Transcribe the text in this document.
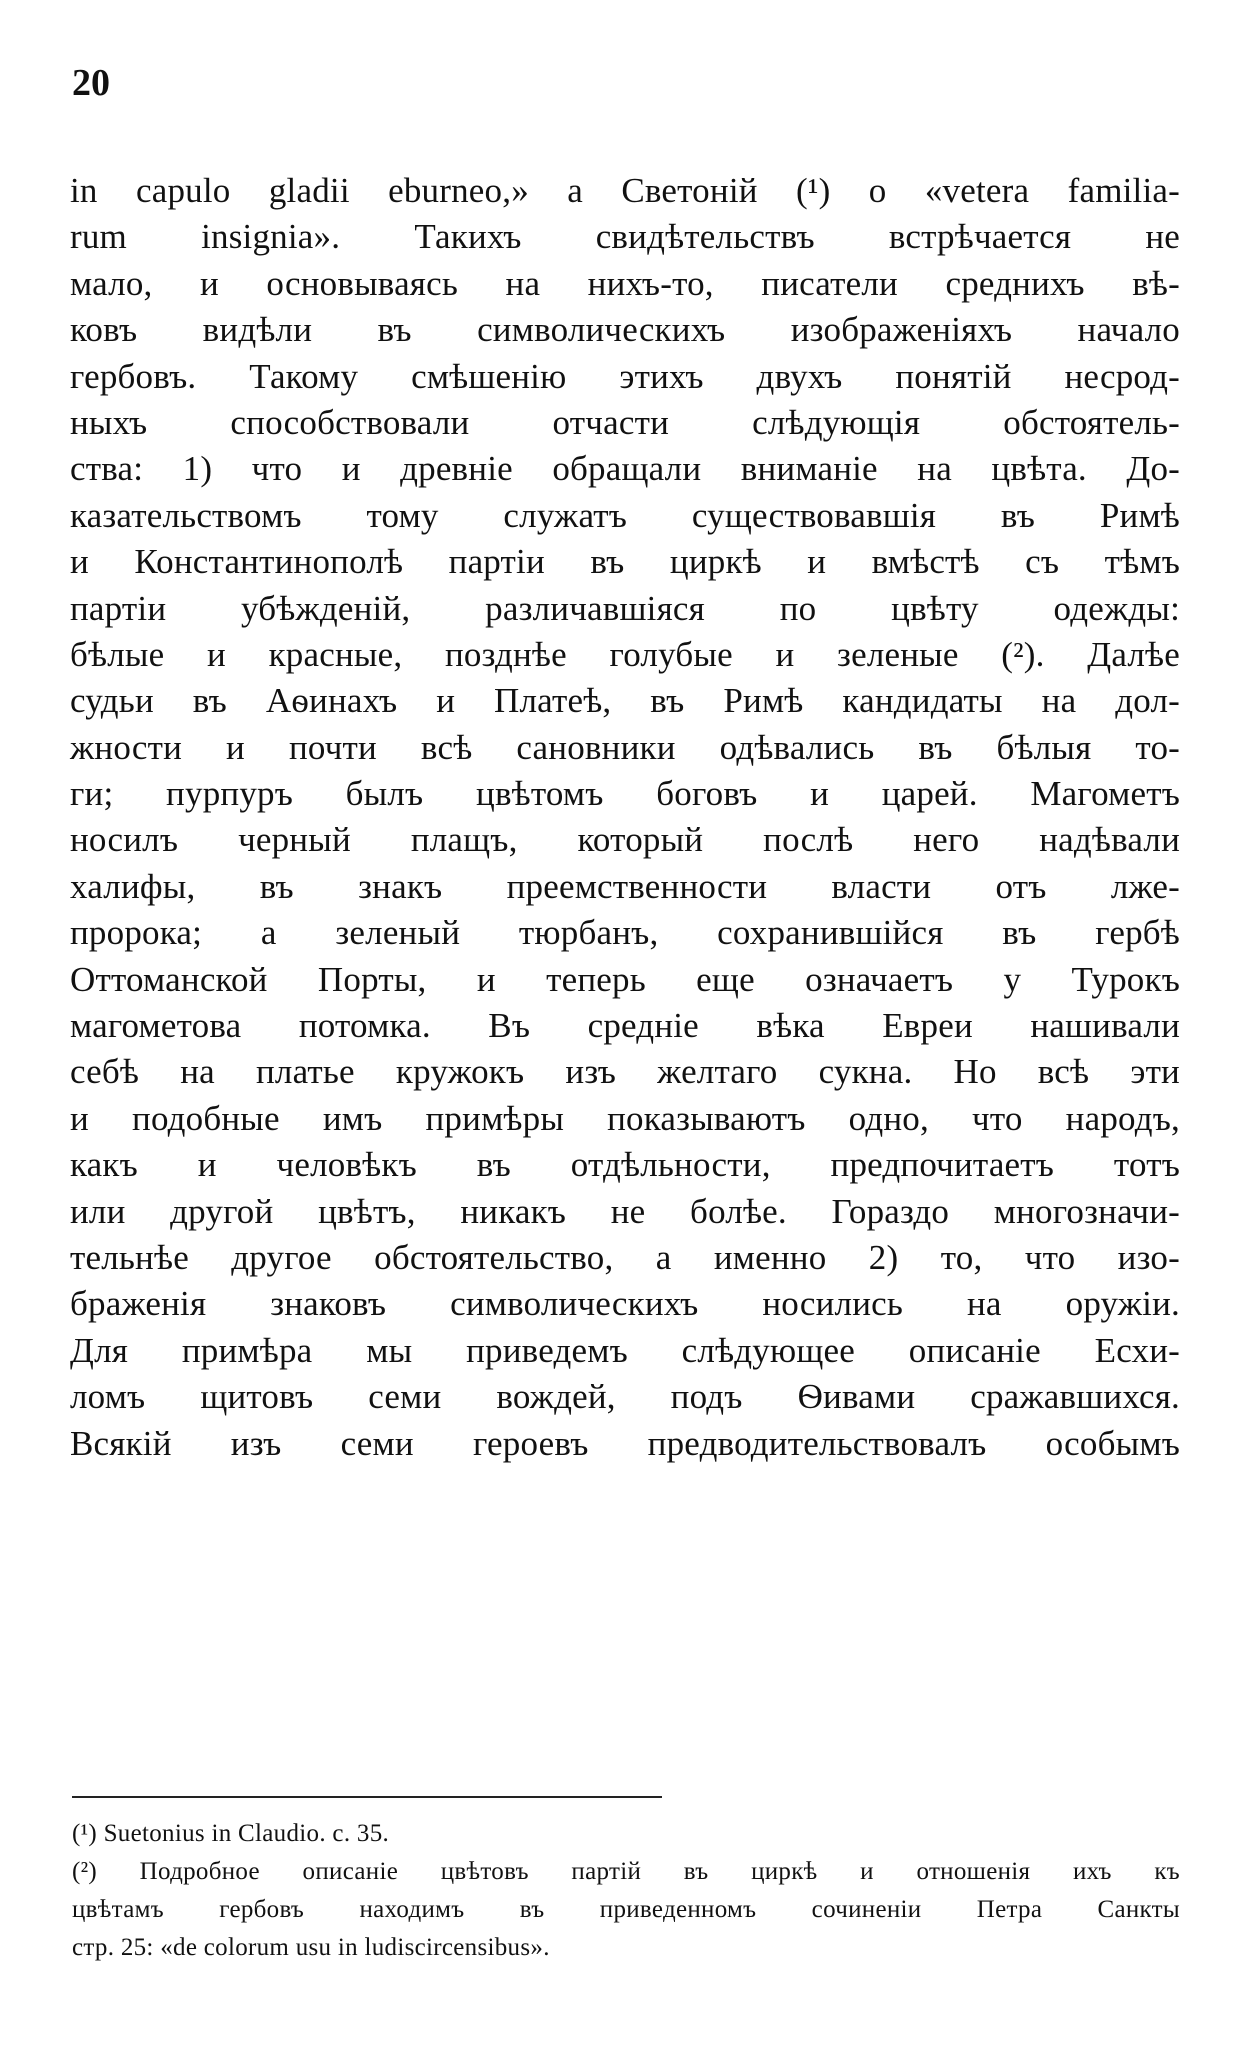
20
in capulo gladii eburneo,» а Светонiй (¹) о «vetera familia-
rum insignia». Такихъ свидѣтельствъ встрѣчается не
мало, и основываясь на нихъ-то, писатели среднихъ вѣ-
ковъ видѣли въ символическихъ изображенiяхъ начало
гербовъ. Такому смѣшенiю этихъ двухъ понятiй несрод-
ныхъ способствовали отчасти слѣдующiя обстоятель-
ства: 1) что и древнiе обращали вниманiе на цвѣта. До-
казательствомъ тому служатъ существовавшiя въ Римѣ
и Константинополѣ партiи въ циркѣ и вмѣстѣ съ тѣмъ
партiи убѣжденiй, различавшiяся по цвѣту одежды:
бѣлые и красные, позднѣе голубые и зеленые (²). Далѣе
судьи въ Аѳинахъ и Платеѣ, въ Римѣ кандидаты на дол-
жности и почти всѣ сановники одѣвались въ бѣлыя то-
ги; пурпуръ былъ цвѣтомъ боговъ и царей. Магометъ
носилъ черный плащъ, который послѣ него надѣвали
халифы, въ знакъ преемственности власти отъ лже-
пророка; а зеленый тюрбанъ, сохранившiйся въ гербѣ
Оттоманской Порты, и теперь еще означаетъ у Турокъ
магометова потомка. Въ среднiе вѣка Евреи нашивали
себѣ на платье кружокъ изъ желтаго сукна. Но всѣ эти
и подобные имъ примѣры показываютъ одно, что народъ,
какъ и человѣкъ въ отдѣльности, предпочитаетъ тотъ
или другой цвѣтъ, никакъ не болѣе. Гораздо многозначи-
тельнѣе другое обстоятельство, а именно 2) то, что изо-
браженiя знаковъ символическихъ носились на оружiи.
Для примѣра мы приведемъ слѣдующее описанiе Есхи-
ломъ щитовъ семи вождей, подъ Ѳивами сражавшихся.
Всякiй изъ семи героевъ предводительствовалъ особымъ
(¹) Suetonius in Claudio. c. 35.
(²) Подробное описанiе цвѣтовъ партiй въ циркѣ и отношенiя ихъ къ
цвѣтамъ гербовъ находимъ въ приведенномъ сочиненiи Петра Санкты
стр. 25: «de colorum usu in ludiscircensibus».
